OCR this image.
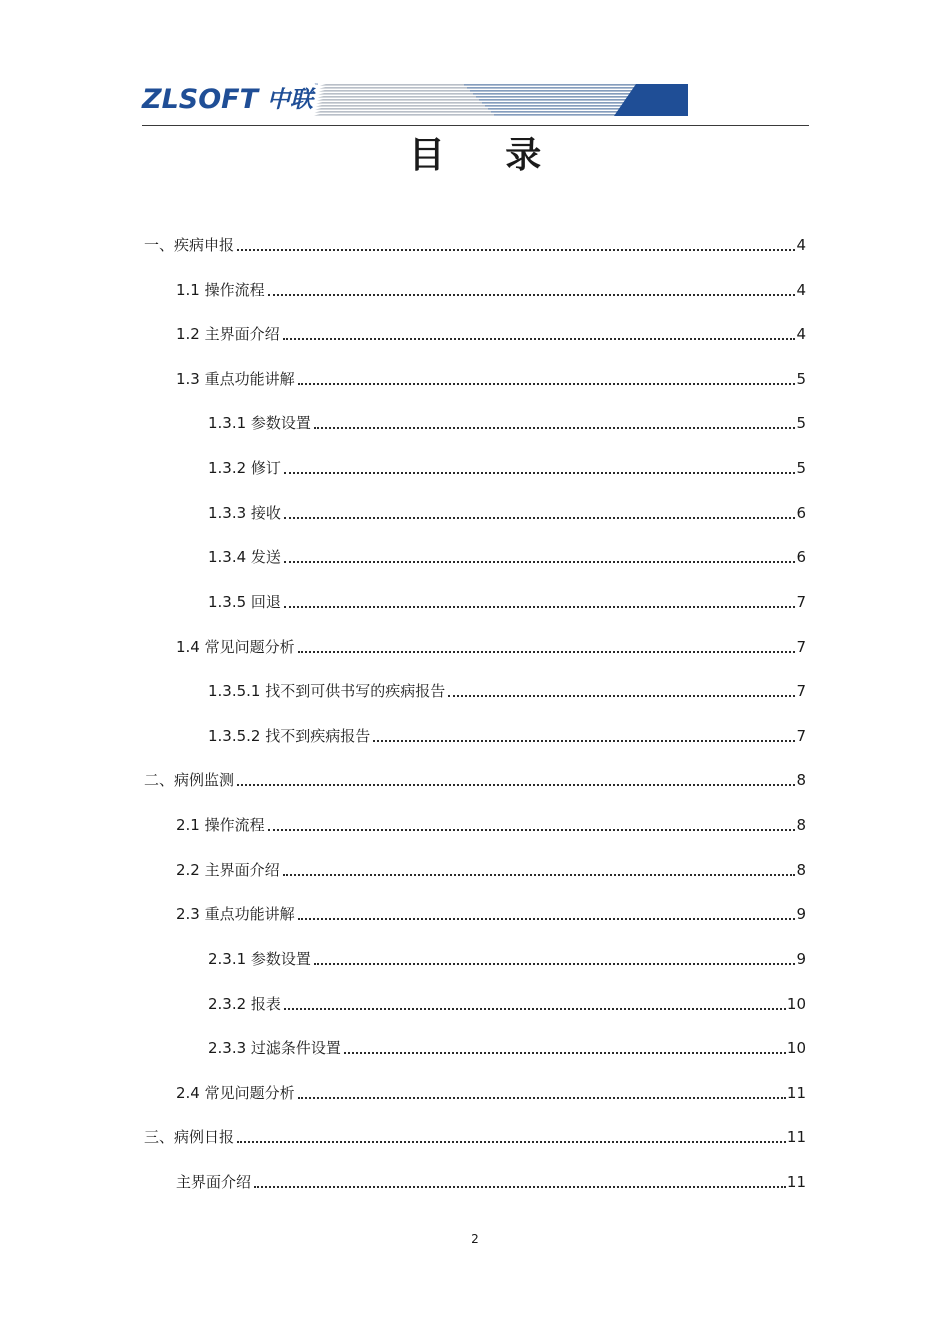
ZLSOFT 中联
™
目 录
一、疾病申报	4
1.1 操作流程	4
1.2 主界面介绍	4
1.3 重点功能讲解	5
1.3.1 参数设置	5
1.3.2 修订	5
1.3.3 接收	6
1.3.4 发送	6
1.3.5 回退	7
1.4 常见问题分析	7
1.3.5.1 找不到可供书写的疾病报告	7
1.3.5.2 找不到疾病报告	7
二、病例监测	8
2.1 操作流程	8
2.2 主界面介绍	8
2.3 重点功能讲解	9
2.3.1 参数设置	9
2.3.2 报表	10
2.3.3 过滤条件设置	10
2.4 常见问题分析	11
三、病例日报	11
主界面介绍	11
2
